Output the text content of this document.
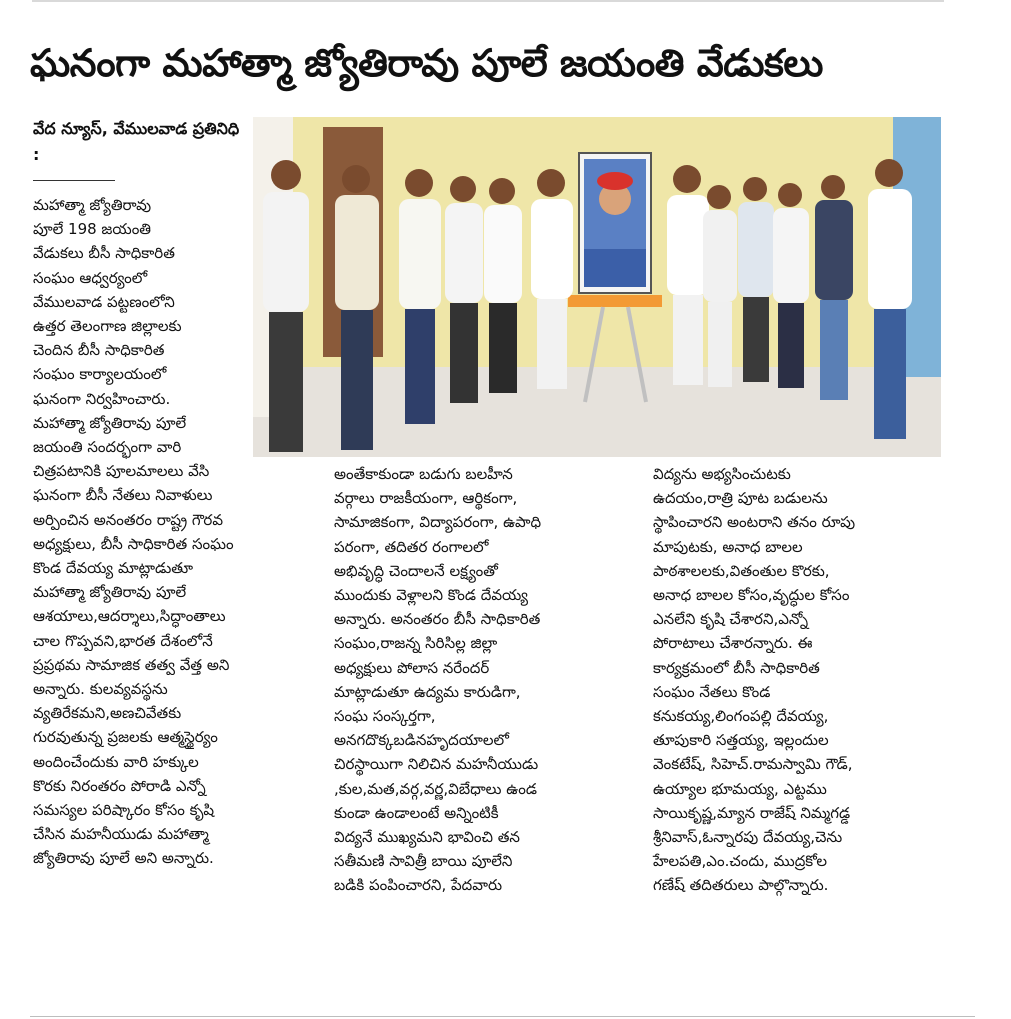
ఘనంగా మహాత్మా జ్యోతిరావు పూలే జయంతి వేడుకలు
వేద న్యూస్, వేములవాడ ప్రతినిధి :

మహాత్మా జ్యోతిరావు
పూలే 198 జయంతి
వేడుకలు బీసీ సాధికారిత
సంఘం ఆధ్వర్యంలో
వేములవాడ పట్టణంలోని
ఉత్తర తెలంగాణ జిల్లాలకు
చెందిన బీసీ సాధికారిత
సంఘం కార్యాలయంలో
ఘనంగా నిర్వహించారు.
మహాత్మా జ్యోతిరావు పూలే
జయంతి సందర్భంగా వారి
చిత్రపటానికి పూలమాలలు వేసి
ఘనంగా బీసీ నేతలు నివాళులు
అర్పించిన అనంతరం రాష్ట్ర గౌరవ
అధ్యక్షులు, బీసీ సాధికారిత సంఘం
కొండ దేవయ్య మాట్లాడుతూ
మహాత్మా జ్యోతిరావు పూలే
ఆశయాలు,ఆదర్శాలు,సిద్ధాంతాలు
చాల గొప్పవని,భారత దేశంలోనే
ప్రప్రథమ సామాజిక తత్వ వేత్త అని
అన్నారు. కులవ్యవస్థను
వ్యతిరేకమని,అణచివేతకు
గురవుతున్న ప్రజలకు ఆత్మస్థైర్యం
అందించేందుకు వారి హక్కుల
కొరకు నిరంతరం పోరాడి ఎన్నో
సమస్యల పరిష్కారం కోసం కృషి
చేసిన మహనీయుడు మహాత్మా
జ్యోతిరావు పూలే అని అన్నారు.

అంతేకాకుండా బడుగు బలహీన
వర్గాలు రాజకీయంగా, ఆర్థికంగా,
సామాజికంగా, విద్యాపరంగా, ఉపాధి
పరంగా, తదితర రంగాలలో
అభివృద్ధి చెందాలనే లక్ష్యంతో
ముందుకు వెళ్లాలని కొండ దేవయ్య
అన్నారు. అనంతరం బీసీ సాధికారిత
సంఘం,రాజన్న సిరిసిల్ల జిల్లా
అధ్యక్షులు పోలాస నరేందర్
మాట్లాడుతూ ఉద్యమ కారుడిగా,
సంఘ సంస్కర్తగా,
అనగదొక్కబడినహృదయాలలో
చిరస్థాయిగా నిలిచిన మహనీయుడు
,కుల,మత,వర్గ,వర్ణ,విబేధాలు ఉండ
కుండా ఉండాలంటే అన్నింటికీ
విద్యనే ముఖ్యమని భావించి తన
సతీమణి సావిత్రీ బాయి పూలేని
బడికి పంపించారని, పేదవారు

విద్యను అభ్యసించుటకు
ఉదయం,రాత్రి పూట బడులను
స్థాపించారని అంటరాని తనం రూపు
మాపుటకు, అనాధ బాలల
పాఠశాలలకు,వితంతుల కొరకు,
అనాధ బాలల కోసం,వృద్ధుల కోసం
ఎనలేని కృషి చేశారని,ఎన్నో
పోరాటాలు చేశారన్నారు. ఈ
కార్యక్రమంలో బీసీ సాధికారిత
సంఘం నేతలు కొండ
కనుకయ్య,లింగంపల్లి దేవయ్య,
తూపుకారి సత్తయ్య, ఇల్లందుల
వెంకటేష్, సిహెచ్.రామస్వామి గౌడ్,
ఉయ్యాల భూమయ్య, ఎట్టము
సాయికృష్ణ,మ్యాన రాజేష్ నిమ్మగడ్డ
శ్రీనివాస్,ఓన్నారపు దేవయ్య,చెను
హేలపతి,ఎం.చందు, ముద్రకోల
గణేష్ తదితరులు పాల్గొన్నారు.
